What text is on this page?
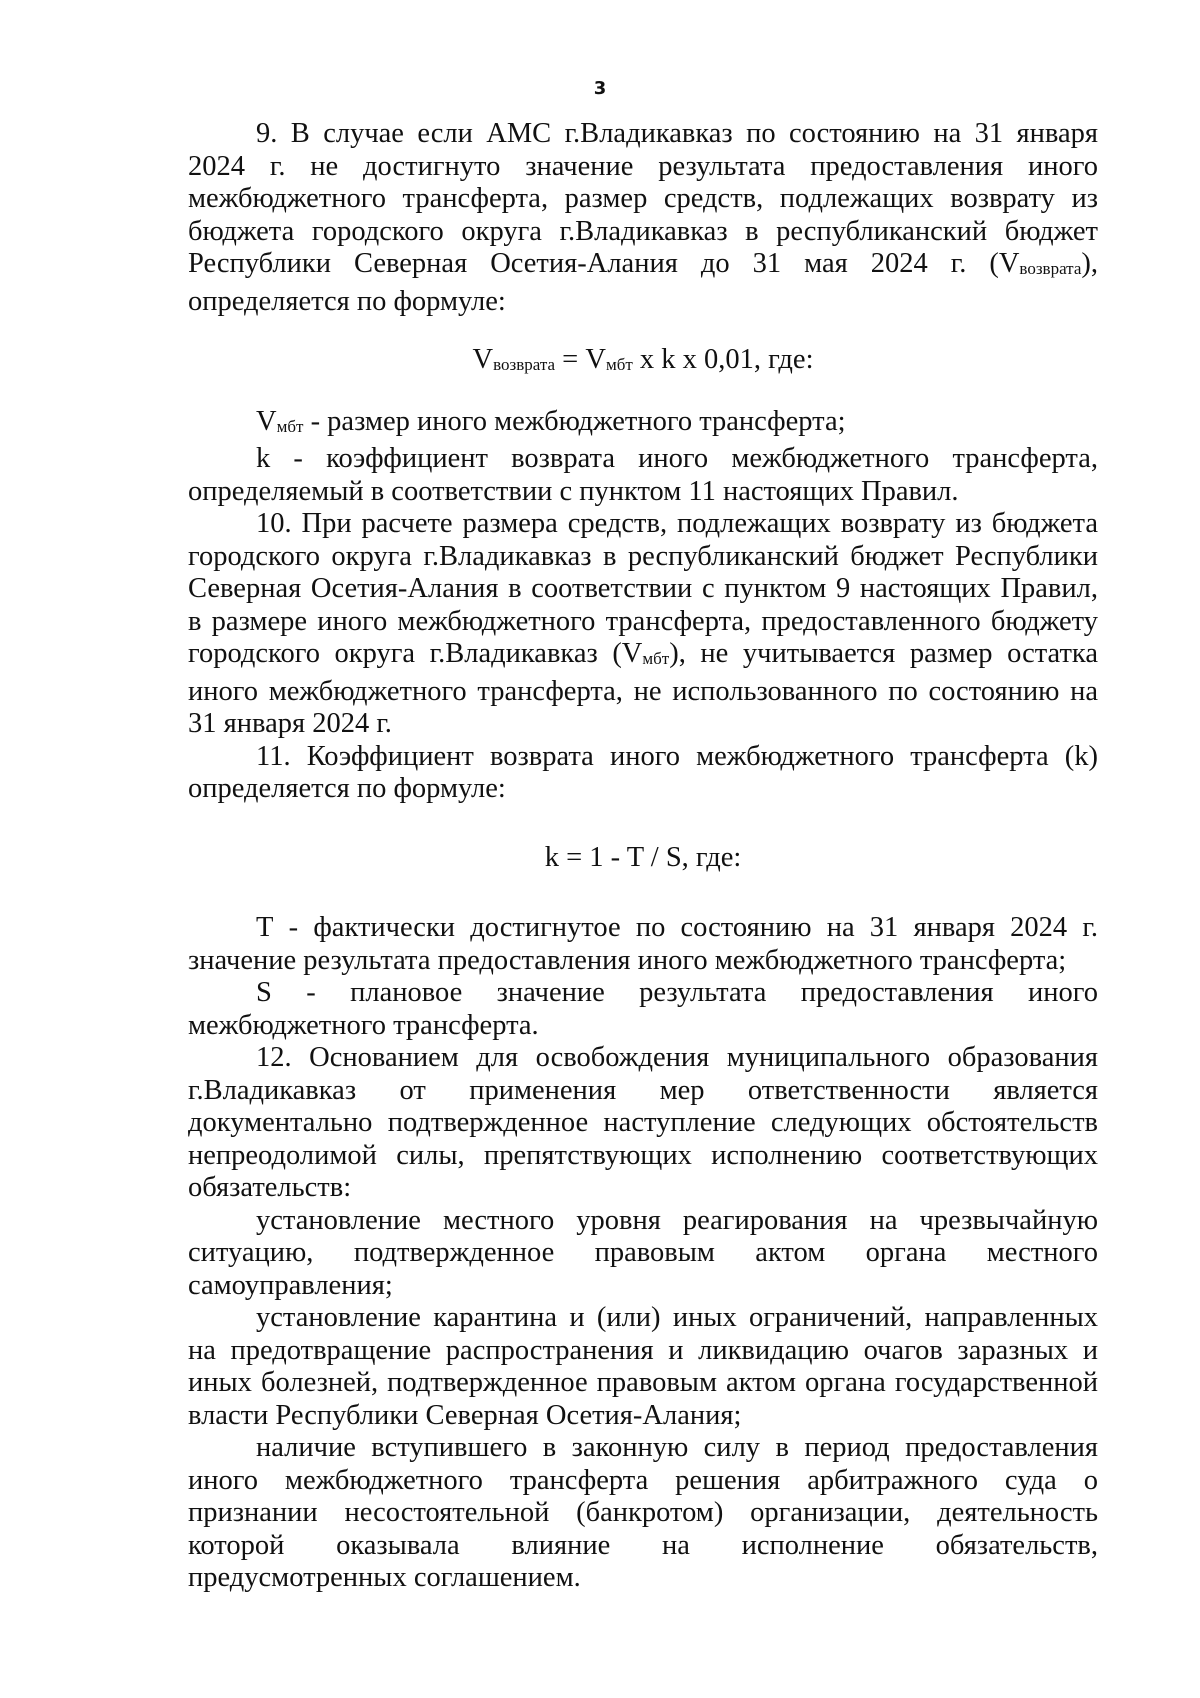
3

9. В случае если АМС г.Владикавказ по состоянию на 31 января 2024 г. не достигнуто значение результата предоставления иного межбюджетного трансферта, размер средств, подлежащих возврату из бюджета городского округа г.Владикавказ в республиканский бюджет Республики Северная Осетия-Алания до 31 мая 2024 г. (Vвозврата), определяется по формуле:

Vвозврата = Vмбт x k x 0,01, где:

Vмбт - размер иного межбюджетного трансферта;

k - коэффициент возврата иного межбюджетного трансферта, определяемый в соответствии с пунктом 11 настоящих Правил.

10. При расчете размера средств, подлежащих возврату из бюджета городского округа г.Владикавказ в республиканский бюджет Республики Северная Осетия-Алания в соответствии с пунктом 9 настоящих Правил, в размере иного межбюджетного трансферта, предоставленного бюджету городского округа г.Владикавказ (Vмбт), не учитывается размер остатка иного межбюджетного трансферта, не использованного по состоянию на 31 января 2024 г.

11. Коэффициент возврата иного межбюджетного трансферта (k) определяется по формуле:

k = 1 - T / S, где:

Т - фактически достигнутое по состоянию на 31 января 2024 г. значение результата предоставления иного межбюджетного трансферта;

S - плановое значение результата предоставления иного межбюджетного трансферта.

12. Основанием для освобождения муниципального образования г.Владикавказ от применения мер ответственности является документально подтвержденное наступление следующих обстоятельств непреодолимой силы, препятствующих исполнению соответствующих обязательств:

установление местного уровня реагирования на чрезвычайную ситуацию, подтвержденное правовым актом органа местного самоуправления;

установление карантина и (или) иных ограничений, направленных на предотвращение распространения и ликвидацию очагов заразных и иных болезней, подтвержденное правовым актом органа государственной власти Республики Северная Осетия-Алания;

наличие вступившего в законную силу в период предоставления иного межбюджетного трансферта решения арбитражного суда о признании несостоятельной (банкротом) организации, деятельность которой оказывала влияние на исполнение обязательств, предусмотренных соглашением.
